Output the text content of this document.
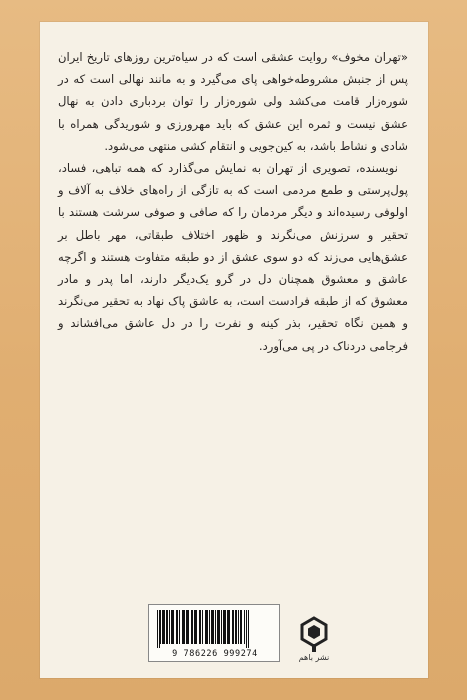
«تهران مخوف» روایت عشقی است که در سیاه‌ترین روزهای تاریخ ایران پس از جنبش مشروطه‌خواهی پای می‌گیرد و به مانند نهالی است که در شوره‌زار قامت می‌کشد ولی شوره‌زار را توان بردباری دادن به نهال عشق نیست و ثمره این عشق که باید مهرورزی و شوریدگی همراه با شادی و نشاط باشد، به کین‌جویی و انتقام کشی منتهی می‌شود.

نویسنده، تصویری از تهران به نمایش می‌گذارد که همه تباهی، فساد، پول‌پرستی و طمع مردمی است که به تازگی از راه‌های خلاف به آلاف و اولوفی رسیده‌اند و دیگر مردمان را که صافی و صوفی سرشت هستند با تحقیر و سرزنش می‌نگرند و ظهور اختلاف طبقاتی، مهر باطل بر عشق‌هایی می‌زند که دو سوی عشق از دو طبقه متفاوت هستند و اگرچه عاشق و معشوق همچنان دل در گرو یک‌دیگر دارند، اما پدر و مادر معشوق که از طبقه فرادست است، به عاشق پاک نهاد به تحقیر می‌نگرند و همین نگاه تحقیر، بذر کینه و نفرت را در دل عاشق می‌افشاند و فرجامی دردناک در پی می‌آورد.

9 786226 999274	نشر باهم
